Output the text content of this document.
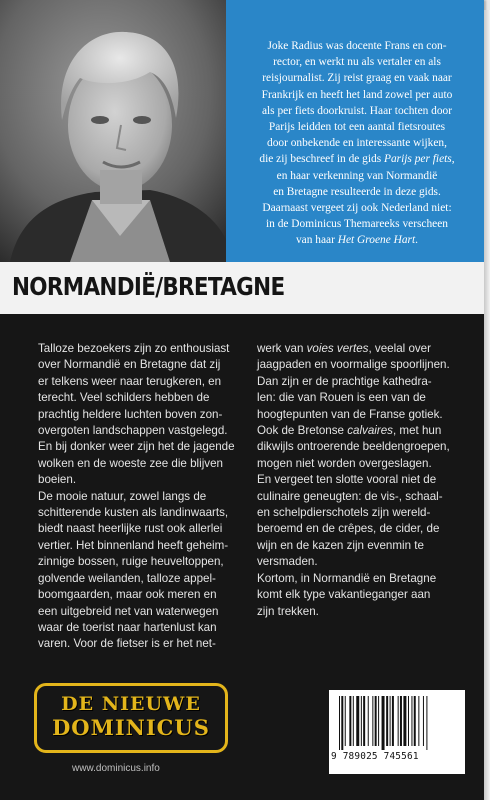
Joke Radius was docente Frans en con-
rector, en werkt nu als vertaler en als
reisjournalist. Zij reist graag en vaak naar
Frankrijk en heeft het land zowel per auto
als per fiets doorkruist. Haar tochten door
Parijs leidden tot een aantal fietsroutes
door onbekende en interessante wijken,
die zij beschreef in de gids Parijs per fiets,
en haar verkenning van Normandië
en Bretagne resulteerde in deze gids.
Daarnaast vergeet zij ook Nederland niet:
in de Dominicus Themareeks verscheen
van haar Het Groene Hart.

NORMANDIË/BRETAGNE

Talloze bezoekers zijn zo enthousiast

over Normandië en Bretagne dat zij

er telkens weer naar terugkeren, en

terecht. Veel schilders hebben de

prachtig heldere luchten boven zon-

overgoten landschappen vastgelegd.

En bij donker weer zijn het de jagende

wolken en de woeste zee die blijven

boeien.

De mooie natuur, zowel langs de

schitterende kusten als landinwaarts,

biedt naast heerlijke rust ook allerlei

vertier. Het binnenland heeft geheim-

zinnige bossen, ruige heuveltoppen,

golvende weilanden, talloze appel-

boomgaarden, maar ook meren en

een uitgebreid net van waterwegen

waar de toerist naar hartenlust kan

varen. Voor de fietser is er het net-

werk van voies vertes, veelal over

jaagpaden en voormalige spoorlijnen.

Dan zijn er de prachtige kathedra-

len: die van Rouen is een van de

hoogtepunten van de Franse gotiek.

Ook de Bretonse calvaires, met hun

dikwijls ontroerende beeldengroepen,

mogen niet worden overgeslagen.

En vergeet ten slotte vooral niet de

culinaire geneugten: de vis-, schaal-

en schelpdierschotels zijn wereld-

beroemd en de crêpes, de cider, de

wijn en de kazen zijn evenmin te

versmaden.

Kortom, in Normandië en Bretagne

komt elk type vakantieganger aan

zijn trekken.

DE NIEUWE
DOMINICUS

www.dominicus.info

9 789025 745561
